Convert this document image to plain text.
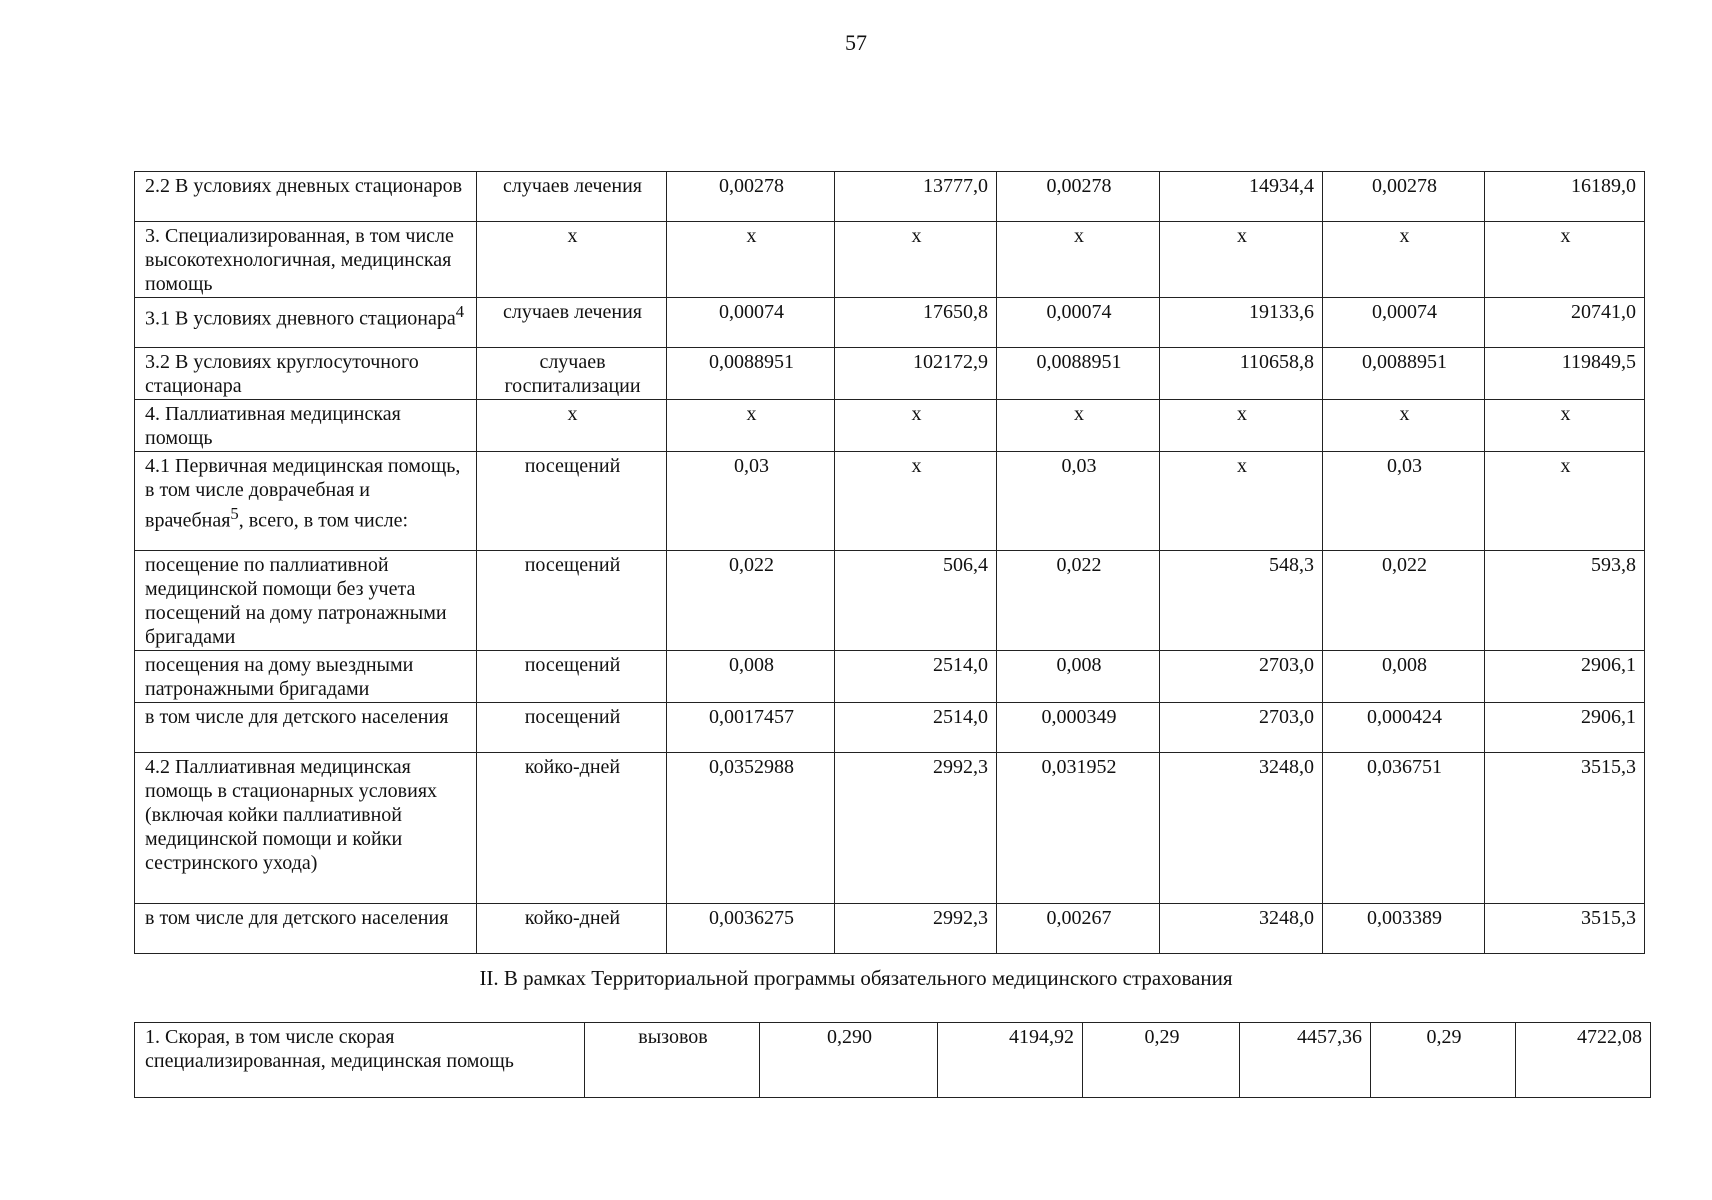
57
2.2 В условиях дневных стационаров	случаев лечения	0,00278	13777,0	0,00278	14934,4	0,00278	16189,0
3. Специализированная, в том числе высокотехнологичная, медицинская помощь	х	х	х	х	х	х	х
3.1 В условиях дневного стационара$^4$	случаев лечения	0,00074	17650,8	0,00074	19133,6	0,00074	20741,0
3.2 В условиях круглосуточного стационара	случаев госпитализации	0,0088951	102172,9	0,0088951	110658,8	0,0088951	119849,5
4. Паллиативная медицинская помощь	х	х	х	х	х	х	х
4.1 Первичная медицинская помощь, в том числе доврачебная и врачебная$^5$, всего, в том числе:	посещений	0,03	х	0,03	х	0,03	х
посещение по паллиативной медицинской помощи без учета посещений на дому патронажными бригадами	посещений	0,022	506,4	0,022	548,3	0,022	593,8
посещения на дому выездными патронажными бригадами	посещений	0,008	2514,0	0,008	2703,0	0,008	2906,1
в том числе для детского населения	посещений	0,0017457	2514,0	0,000349	2703,0	0,000424	2906,1
4.2 Паллиативная медицинская помощь в стационарных условиях (включая койки паллиативной медицинской помощи и койки сестринского ухода)	койко-дней	0,0352988	2992,3	0,031952	3248,0	0,036751	3515,3
в том числе для детского населения	койко-дней	0,0036275	2992,3	0,00267	3248,0	0,003389	3515,3
II. В рамках Территориальной программы обязательного медицинского страхования
1. Скорая, в том числе скорая специализированная, медицинская помощь	вызовов	0,290	4194,92	0,29	4457,36	0,29	4722,08
